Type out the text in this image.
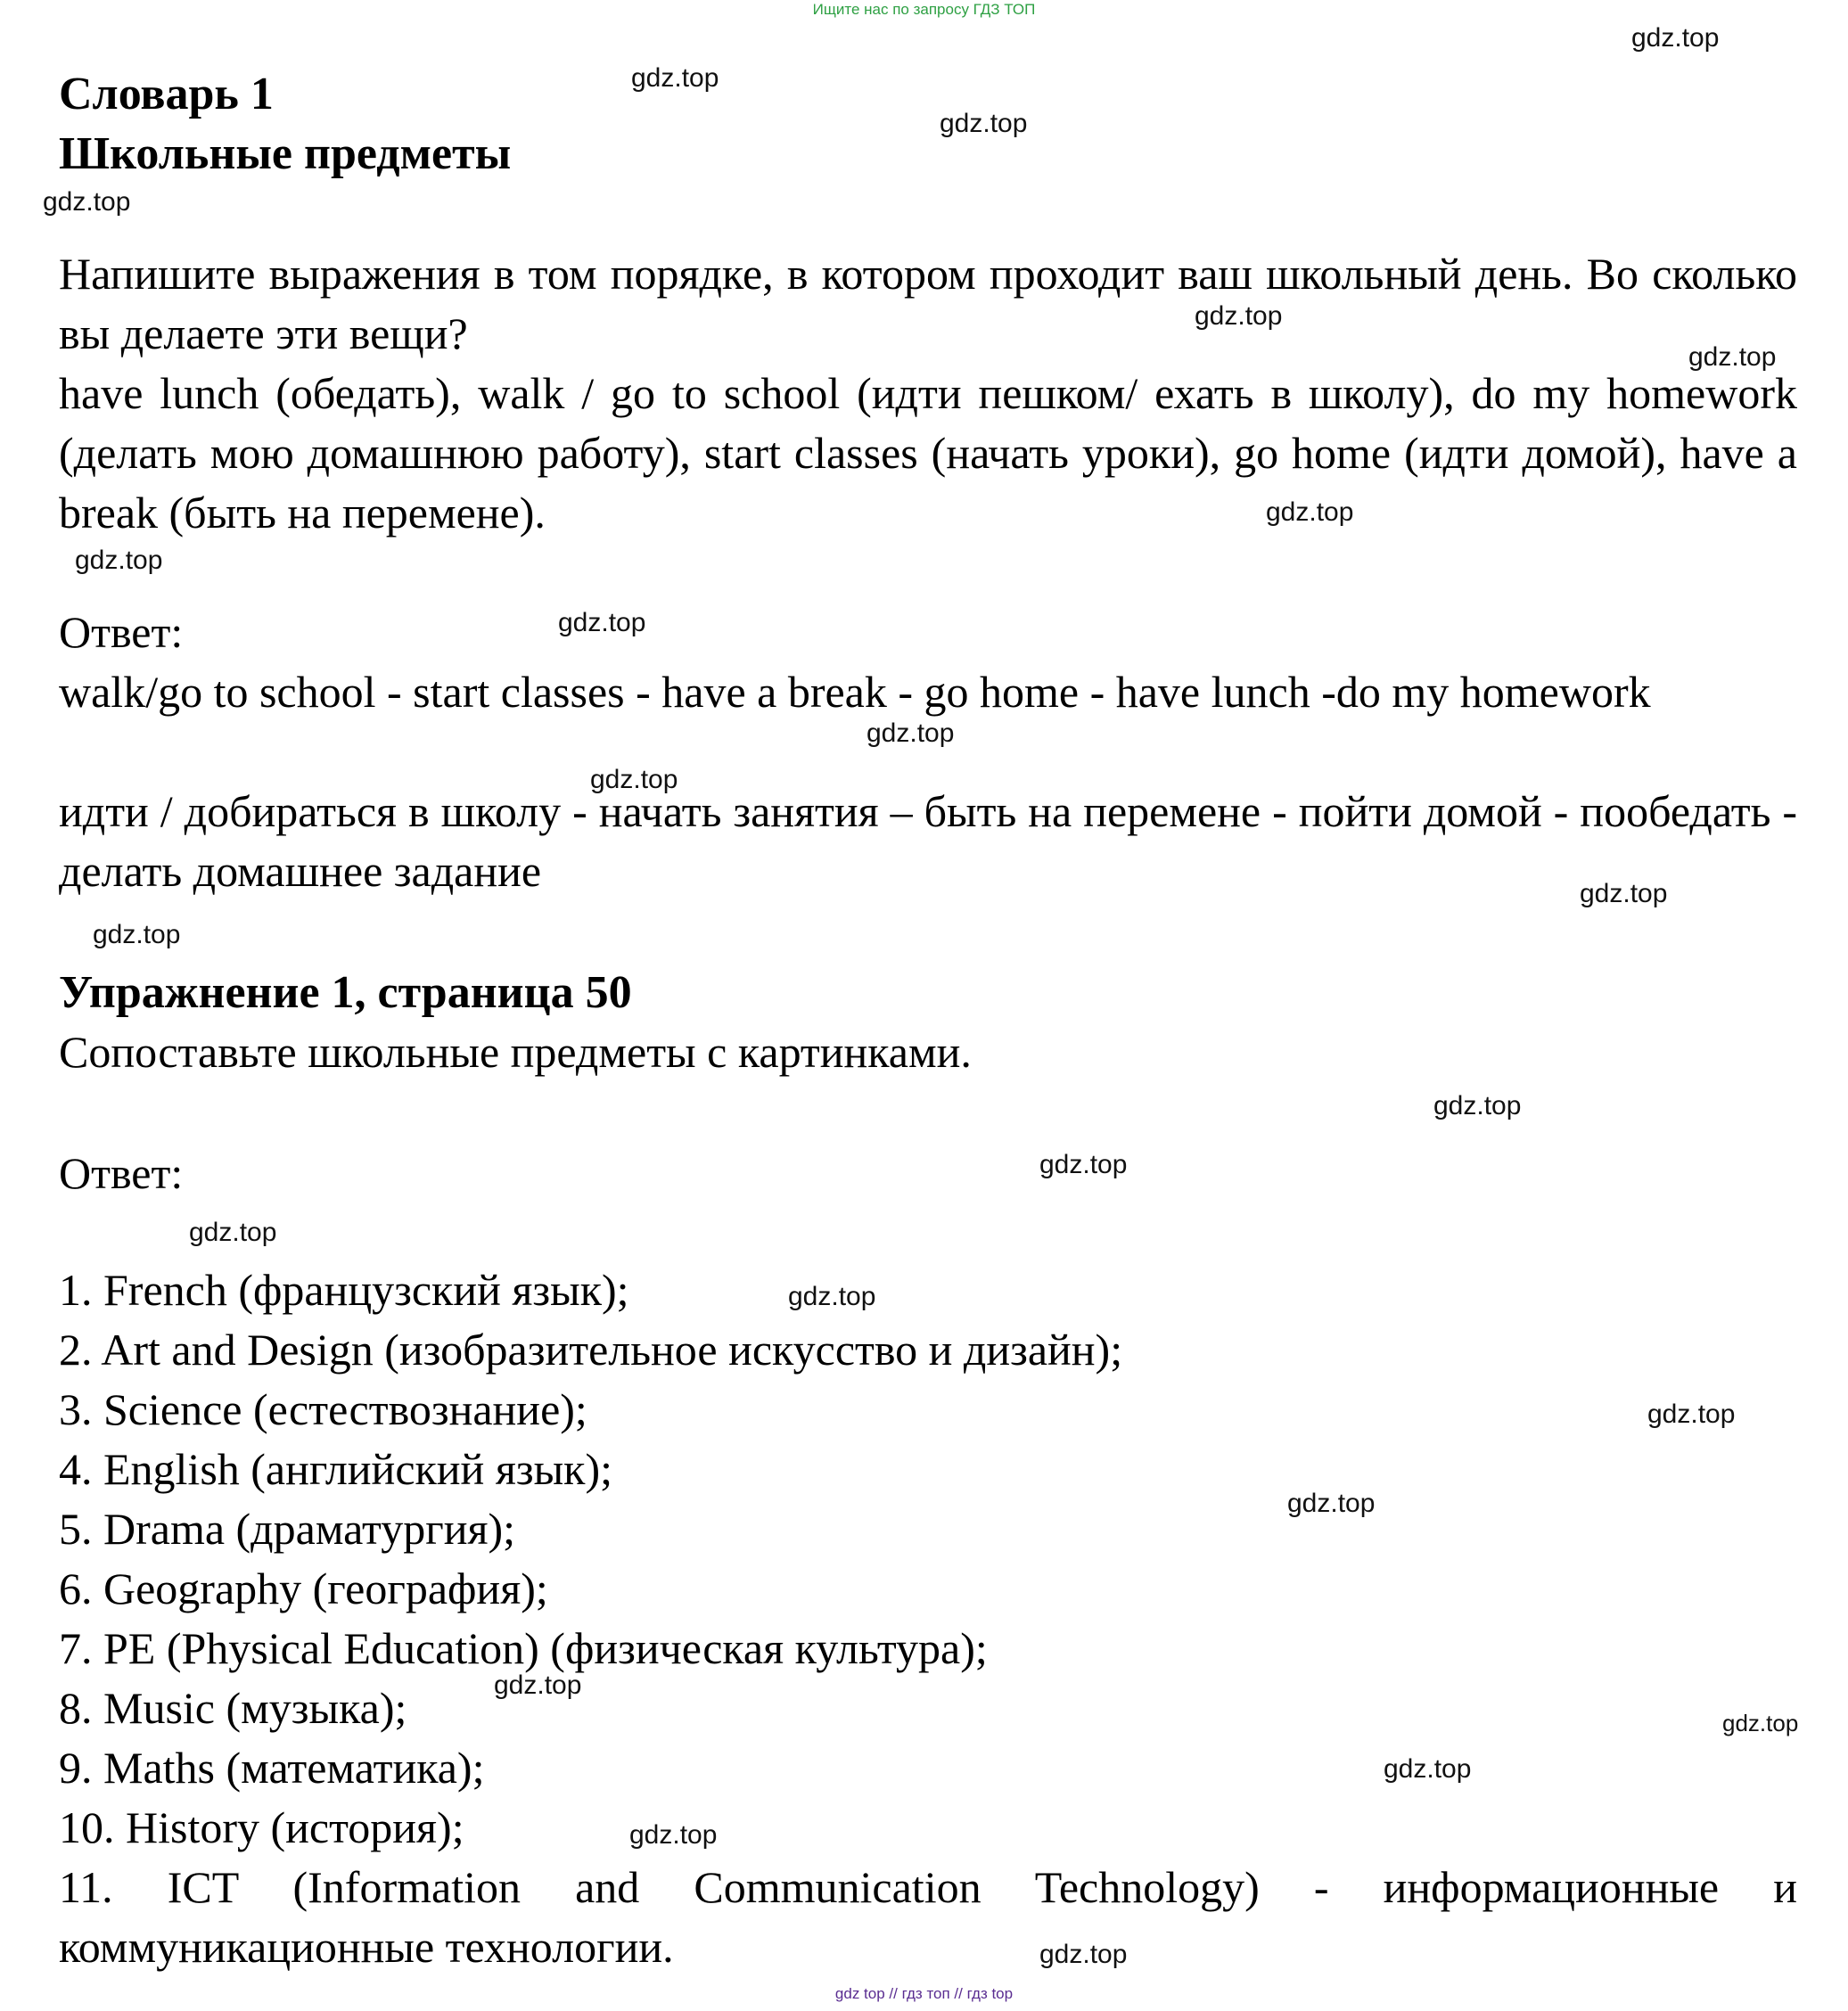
Ищите нас по запросу ГДЗ ТОП
Словарь 1
Школьные предметы
Напишите выражения в том порядке, в котором проходит ваш школьный день. Во сколько вы делаете эти вещи?
have lunch (обедать), walk / go to school (идти пешком/ ехать в школу), do my homework (делать мою домашнюю работу), start classes (начать уроки), go home (идти домой), have a break (быть на перемене).
Ответ:
walk/go to school - start classes - have a break - go home - have lunch -do my homework
идти / добираться в школу - начать занятия – быть на перемене - пойти домой - пообедать - делать домашнее задание
Упражнение 1, страница 50
Сопоставьте школьные предметы с картинками.
Ответ:
1. French (французский язык);
2. Art and Design (изобразительное искусство и дизайн);
3. Science (естествознание);
4. English (английский язык);
5. Drama (драматургия);
6. Geography (география);
7. PE (Physical Education) (физическая культура);
8. Music (музыка);
9. Maths (математика);
10. History (история);
11. ICT (Information and Communication Technology) - информационные и коммуникационные технологии.
gdz.top
gdz.top
gdz.top
gdz.top
gdz.top
gdz.top
gdz.top
gdz.top
gdz.top
gdz.top
gdz.top
gdz.top
gdz.top
gdz.top
gdz.top
gdz.top
gdz.top
gdz.top
gdz.top
gdz.top
gdz.top
gdz.top
gdz.top
gdz.top
gdz top // гдз топ // гдз top
